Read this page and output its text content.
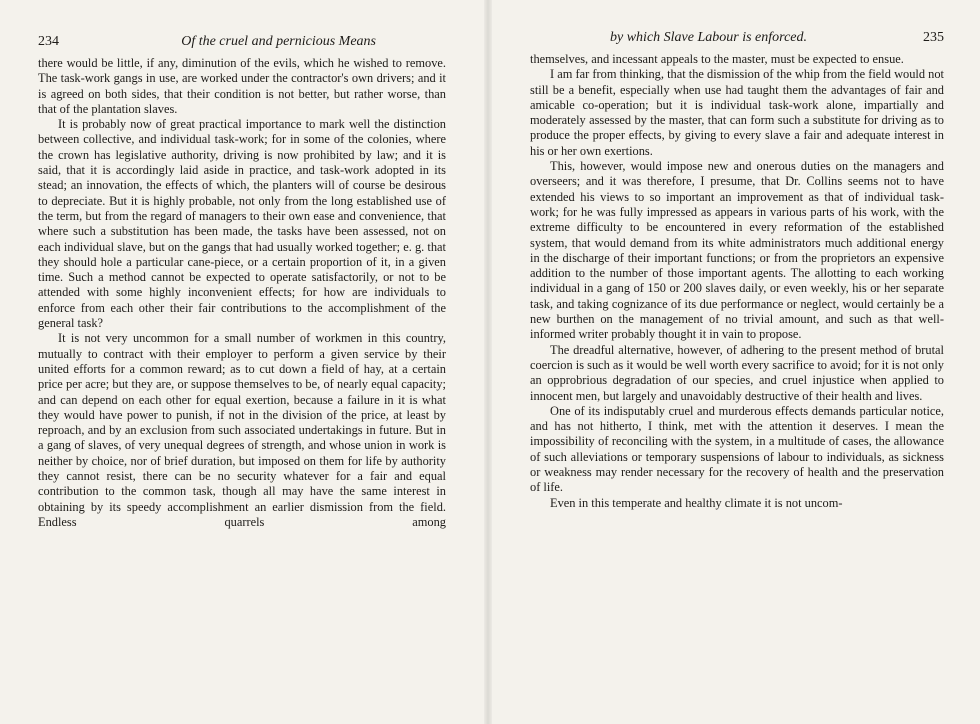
234	Of the cruel and pernicious Means

there would be little, if any, diminution of the evils, which he wished to remove. The task-work gangs in use, are worked under the contractor's own drivers; and it is agreed on both sides, that their condition is not better, but rather worse, than that of the plantation slaves.

It is probably now of great practical importance to mark well the distinction between collective, and individual task-work; for in some of the colonies, where the crown has legislative authority, driving is now prohibited by law; and it is said, that it is accordingly laid aside in practice, and task-work adopted in its stead; an innovation, the effects of which, the planters will of course be desirous to depreciate. But it is highly probable, not only from the long established use of the term, but from the regard of managers to their own ease and convenience, that where such a substitution has been made, the tasks have been assessed, not on each individual slave, but on the gangs that had usually worked together; e. g. that they should hole a particular cane-piece, or a certain proportion of it, in a given time. Such a method cannot be expected to operate satisfactorily, or not to be attended with some highly inconvenient effects; for how are individuals to enforce from each other their fair contributions to the accomplishment of the general task?

It is not very uncommon for a small number of workmen in this country, mutually to contract with their employer to perform a given service by their united efforts for a common reward; as to cut down a field of hay, at a certain price per acre; but they are, or suppose themselves to be, of nearly equal capacity; and can depend on each other for equal exertion, because a failure in it is what they would have power to punish, if not in the division of the price, at least by reproach, and by an exclusion from such associated undertakings in future. But in a gang of slaves, of very unequal degrees of strength, and whose union in work is neither by choice, nor of brief duration, but imposed on them for life by authority they cannot resist, there can be no security whatever for a fair and equal contribution to the common task, though all may have the same interest in obtaining by its speedy accomplishment an earlier dismission from the field. Endless quarrels among

by which Slave Labour is enforced.	235

themselves, and incessant appeals to the master, must be expected to ensue.

I am far from thinking, that the dismission of the whip from the field would not still be a benefit, especially when use had taught them the advantages of fair and amicable co-operation; but it is individual task-work alone, impartially and moderately assessed by the master, that can form such a substitute for driving as to produce the proper effects, by giving to every slave a fair and adequate interest in his or her own exertions.

This, however, would impose new and onerous duties on the managers and overseers; and it was therefore, I presume, that Dr. Collins seems not to have extended his views to so important an improvement as that of individual task-work; for he was fully impressed as appears in various parts of his work, with the extreme difficulty to be encountered in every reformation of the established system, that would demand from its white administrators much additional energy in the discharge of their important functions; or from the proprietors an expensive addition to the number of those important agents. The allotting to each working individual in a gang of 150 or 200 slaves daily, or even weekly, his or her separate task, and taking cognizance of its due performance or neglect, would certainly be a new burthen on the management of no trivial amount, and such as that well-informed writer probably thought it in vain to propose.

The dreadful alternative, however, of adhering to the present method of brutal coercion is such as it would be well worth every sacrifice to avoid; for it is not only an opprobrious degradation of our species, and cruel injustice when applied to innocent men, but largely and unavoidably destructive of their health and lives.

One of its indisputably cruel and murderous effects demands particular notice, and has not hitherto, I think, met with the attention it deserves. I mean the impossibility of reconciling with the system, in a multitude of cases, the allowance of such alleviations or temporary suspensions of labour to individuals, as sickness or weakness may render necessary for the recovery of health and the preservation of life.

Even in this temperate and healthy climate it is not uncom-
